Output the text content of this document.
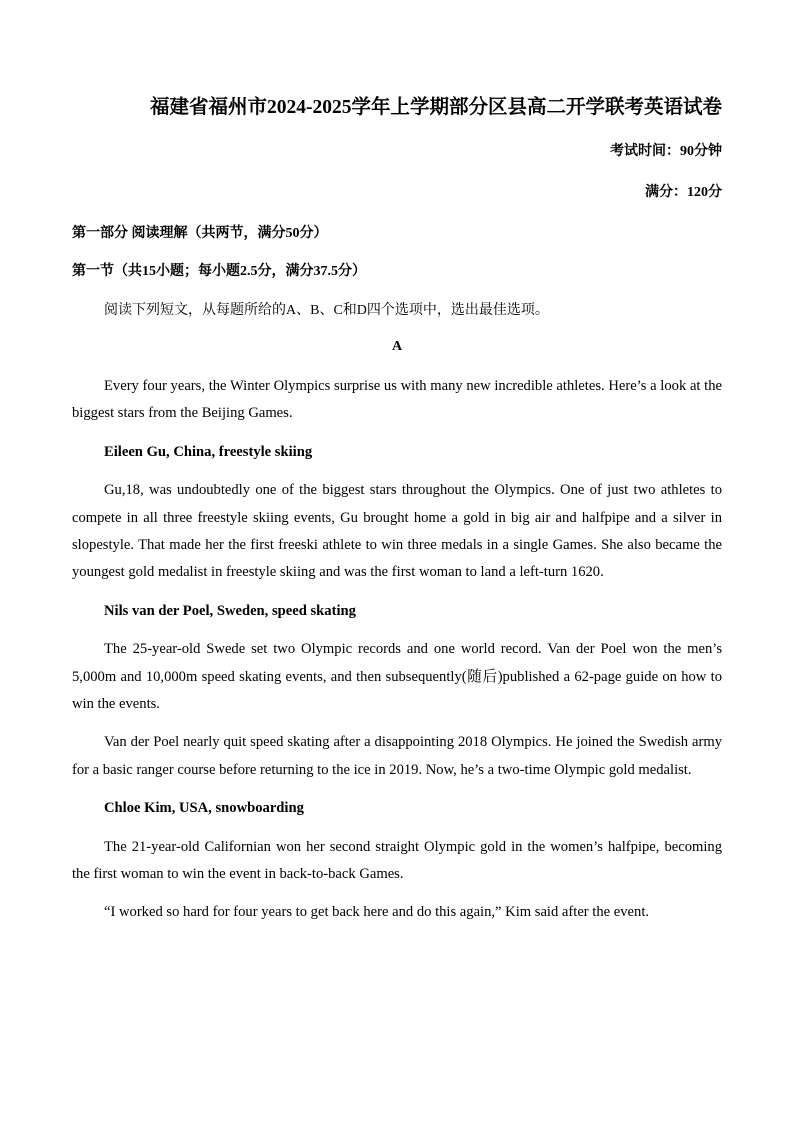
福建省福州市2024-2025学年上学期部分区县高二开学联考英语试卷

考试时间：90分钟

满分：120分

第一部分 阅读理解（共两节，满分50分）

第一节（共15小题；每小题2.5分，满分37.5分）

阅读下列短文，从每题所给的A、B、C和D四个选项中，选出最佳选项。

A

Every four years, the Winter Olympics surprise us with many new incredible athletes. Here’s a look at the biggest stars from the Beijing Games.

Eileen Gu, China, freestyle skiing

Gu,18, was undoubtedly one of the biggest stars throughout the Olympics. One of just two athletes to compete in all three freestyle skiing events, Gu brought home a gold in big air and halfpipe and a silver in slopestyle. That made her the first freeski athlete to win three medals in a single Games. She also became the youngest gold medalist in freestyle skiing and was the first woman to land a left-turn 1620.

Nils van der Poel, Sweden, speed skating

The 25-year-old Swede set two Olympic records and one world record. Van der Poel won the men’s 5,000m and 10,000m speed skating events, and then subsequently(随后)published a 62-page guide on how to win the events.

Van der Poel nearly quit speed skating after a disappointing 2018 Olympics. He joined the Swedish army for a basic ranger course before returning to the ice in 2019. Now, he’s a two-time Olympic gold medalist.

Chloe Kim, USA, snowboarding

The 21-year-old Californian won her second straight Olympic gold in the women’s halfpipe, becoming the first woman to win the event in back-to-back Games.

“I worked so hard for four years to get back here and do this again,” Kim said after the event.
